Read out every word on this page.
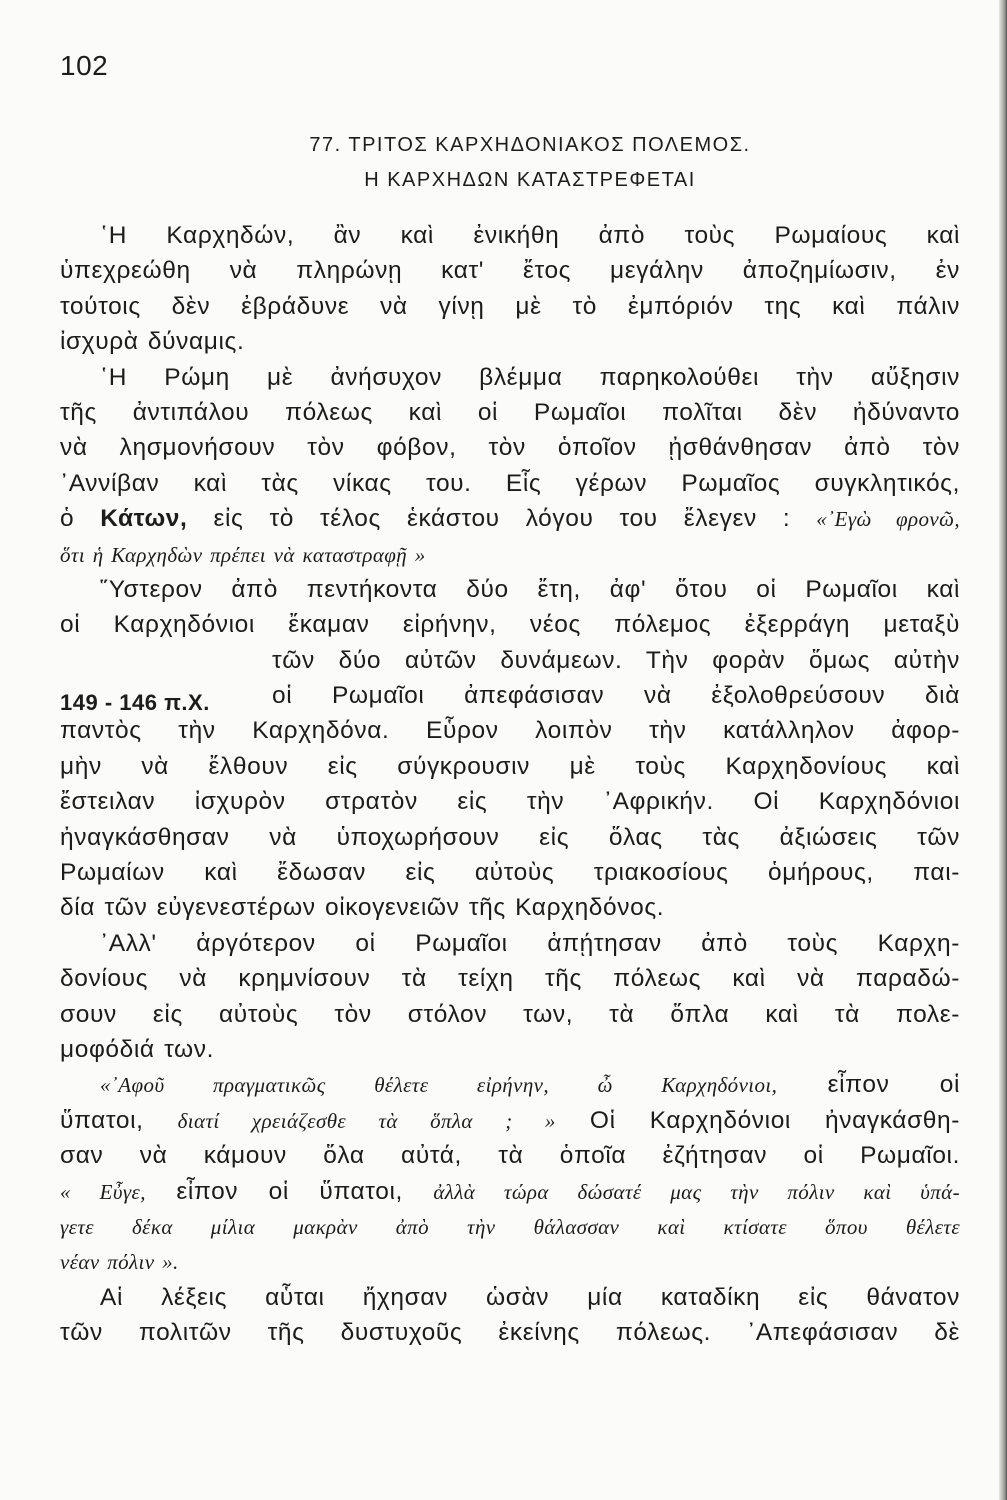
102
77. ΤΡΙΤΟΣ ΚΑΡΧΗΔΟΝΙΑΚΟΣ ΠΟΛΕΜΟΣ.
Η ΚΑΡΧΗΔΩΝ ΚΑΤΑΣΤΡΕΦΕΤΑΙ
149 - 146 π.Χ.
῾Η Καρχηδών, ἂν καὶ ἐνικήθη ἀπὸ τοὺς Ρωμαίους καὶ
ὑπεχρεώθη νὰ πληρώνῃ κατ' ἔτος μεγάλην ἀποζημίωσιν, ἐν
τούτοις δὲν ἐβράδυνε νὰ γίνῃ μὲ τὸ ἐμπόριόν της καὶ πάλιν
ἰσχυρὰ δύναμις.
῾Η Ρώμη μὲ ἀνήσυχον βλέμμα παρηκολούθει τὴν αὔξησιν
τῆς ἀντιπάλου πόλεως καὶ οἱ Ρωμαῖοι πολῖται δὲν ἠδύναντο
νὰ λησμονήσουν τὸν φόβον, τὸν ὁποῖον ᾐσθάνθησαν ἀπὸ τὸν
᾿Αννίβαν καὶ τὰς νίκας του. Εἷς γέρων Ρωμαῖος συγκλητικός,
ὁ Κάτων, εἰς τὸ τέλος ἑκάστου λόγου του ἔλεγεν : «᾿Εγὼ φρονῶ,
ὅτι ἡ Καρχηδὼν πρέπει νὰ καταστραφῇ »
῞Υστερον ἀπὸ πεντήκοντα δύο ἔτη, ἀφ' ὅτου οἱ Ρωμαῖοι καὶ
οἱ Καρχηδόνιοι ἔκαμαν εἰρήνην, νέος πόλεμος ἐξερράγη μεταξὺ
τῶν δύο αὐτῶν δυνάμεων. Τὴν φορὰν ὅμως αὐτὴν
οἱ Ρωμαῖοι ἀπεφάσισαν νὰ ἐξολοθρεύσουν διὰ
παντὸς τὴν Καρχηδόνα. Εὗρον λοιπὸν τὴν κατάλληλον ἀφορ-
μὴν νὰ ἔλθουν εἰς σύγκρουσιν μὲ τοὺς Καρχηδονίους καὶ
ἔστειλαν ἰσχυρὸν στρατὸν εἰς τὴν ᾿Αφρικήν. Οἱ Καρχηδόνιοι
ἠναγκάσθησαν νὰ ὑποχωρήσουν εἰς ὅλας τὰς ἀξιώσεις τῶν
Ρωμαίων καὶ ἔδωσαν εἰς αὐτοὺς τριακοσίους ὁμήρους, παι-
δία τῶν εὐγενεστέρων οἰκογενειῶν τῆς Καρχηδόνος.
᾿Αλλ' ἀργότερον οἱ Ρωμαῖοι ἀπῄτησαν ἀπὸ τοὺς Καρχη-
δονίους νὰ κρημνίσουν τὰ τείχη τῆς πόλεως καὶ νὰ παραδώ-
σουν εἰς αὐτοὺς τὸν στόλον των, τὰ ὅπλα καὶ τὰ πολε-
μοφόδιά των.
«᾿Αφοῦ πραγματικῶς θέλετε εἰρήνην, ὦ Καρχηδόνιοι, εἶπον οἱ
ὕπατοι, διατί χρειάζεσθε τὰ ὅπλα ; » Οἱ Καρχηδόνιοι ἠναγκάσθη-
σαν νὰ κάμουν ὅλα αὐτά, τὰ ὁποῖα ἐζήτησαν οἱ Ρωμαῖοι.
« Εὖγε, εἶπον οἱ ὕπατοι, ἀλλὰ τώρα δώσατέ μας τὴν πόλιν καὶ ὑπά-
γετε δέκα μίλια μακρὰν ἀπὸ τὴν θάλασσαν καὶ κτίσατε ὅπου θέλετε
νέαν πόλιν ».
Αἱ λέξεις αὗται ἤχησαν ὡσὰν μία καταδίκη εἰς θάνατον
τῶν πολιτῶν τῆς δυστυχοῦς ἐκείνης πόλεως. ᾿Απεφάσισαν δὲ
